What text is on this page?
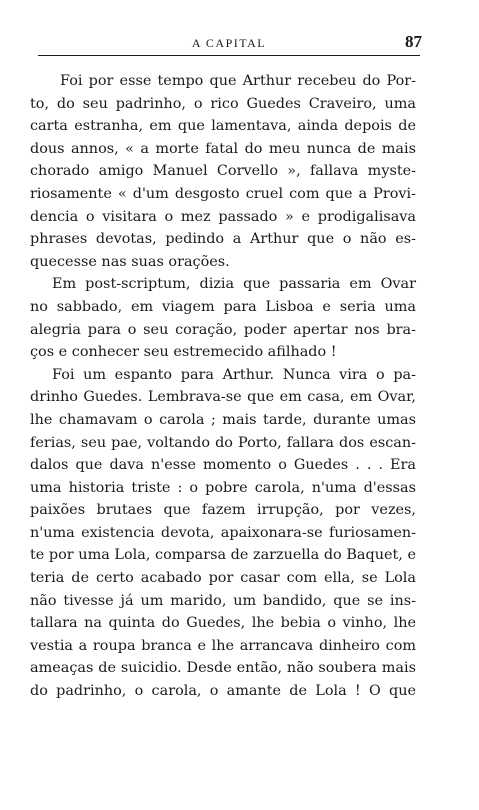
A CAPITAL	87
Foi por esse tempo que Arthur recebeu do Por-
to, do seu padrinho, o rico Guedes Craveiro, uma
carta estranha, em que lamentava, ainda depois de
dous annos, « a morte fatal do meu nunca de mais
chorado amigo Manuel Corvello », fallava myste-
riosamente « d'um desgosto cruel com que a Provi-
dencia o visitara o mez passado » e prodigalisava
phrases devotas, pedindo a Arthur que o não es-
quecesse nas suas orações.
Em post-scriptum, dizia que passaria em Ovar
no sabbado, em viagem para Lisboa e seria uma
alegria para o seu coração, poder apertar nos bra-
ços e conhecer seu estremecido afilhado !
Foi um espanto para Arthur. Nunca vira o pa-
drinho Guedes. Lembrava-se que em casa, em Ovar,
lhe chamavam o carola ; mais tarde, durante umas
ferias, seu pae, voltando do Porto, fallara dos escan-
dalos que dava n'esse momento o Guedes . . . Era
uma historia triste : o pobre carola, n'uma d'essas
paixões brutaes que fazem irrupção, por vezes,
n'uma existencia devota, apaixonara-se furiosamen-
te por uma Lola, comparsa de zarzuella do Baquet, e
teria de certo acabado por casar com ella, se Lola
não tivesse já um marido, um bandido, que se ins-
tallara na quinta do Guedes, lhe bebia o vinho, lhe
vestia a roupa branca e lhe arrancava dinheiro com
ameaças de suicidio. Desde então, não soubera mais
do padrinho, o carola, o amante de Lola ! O que
